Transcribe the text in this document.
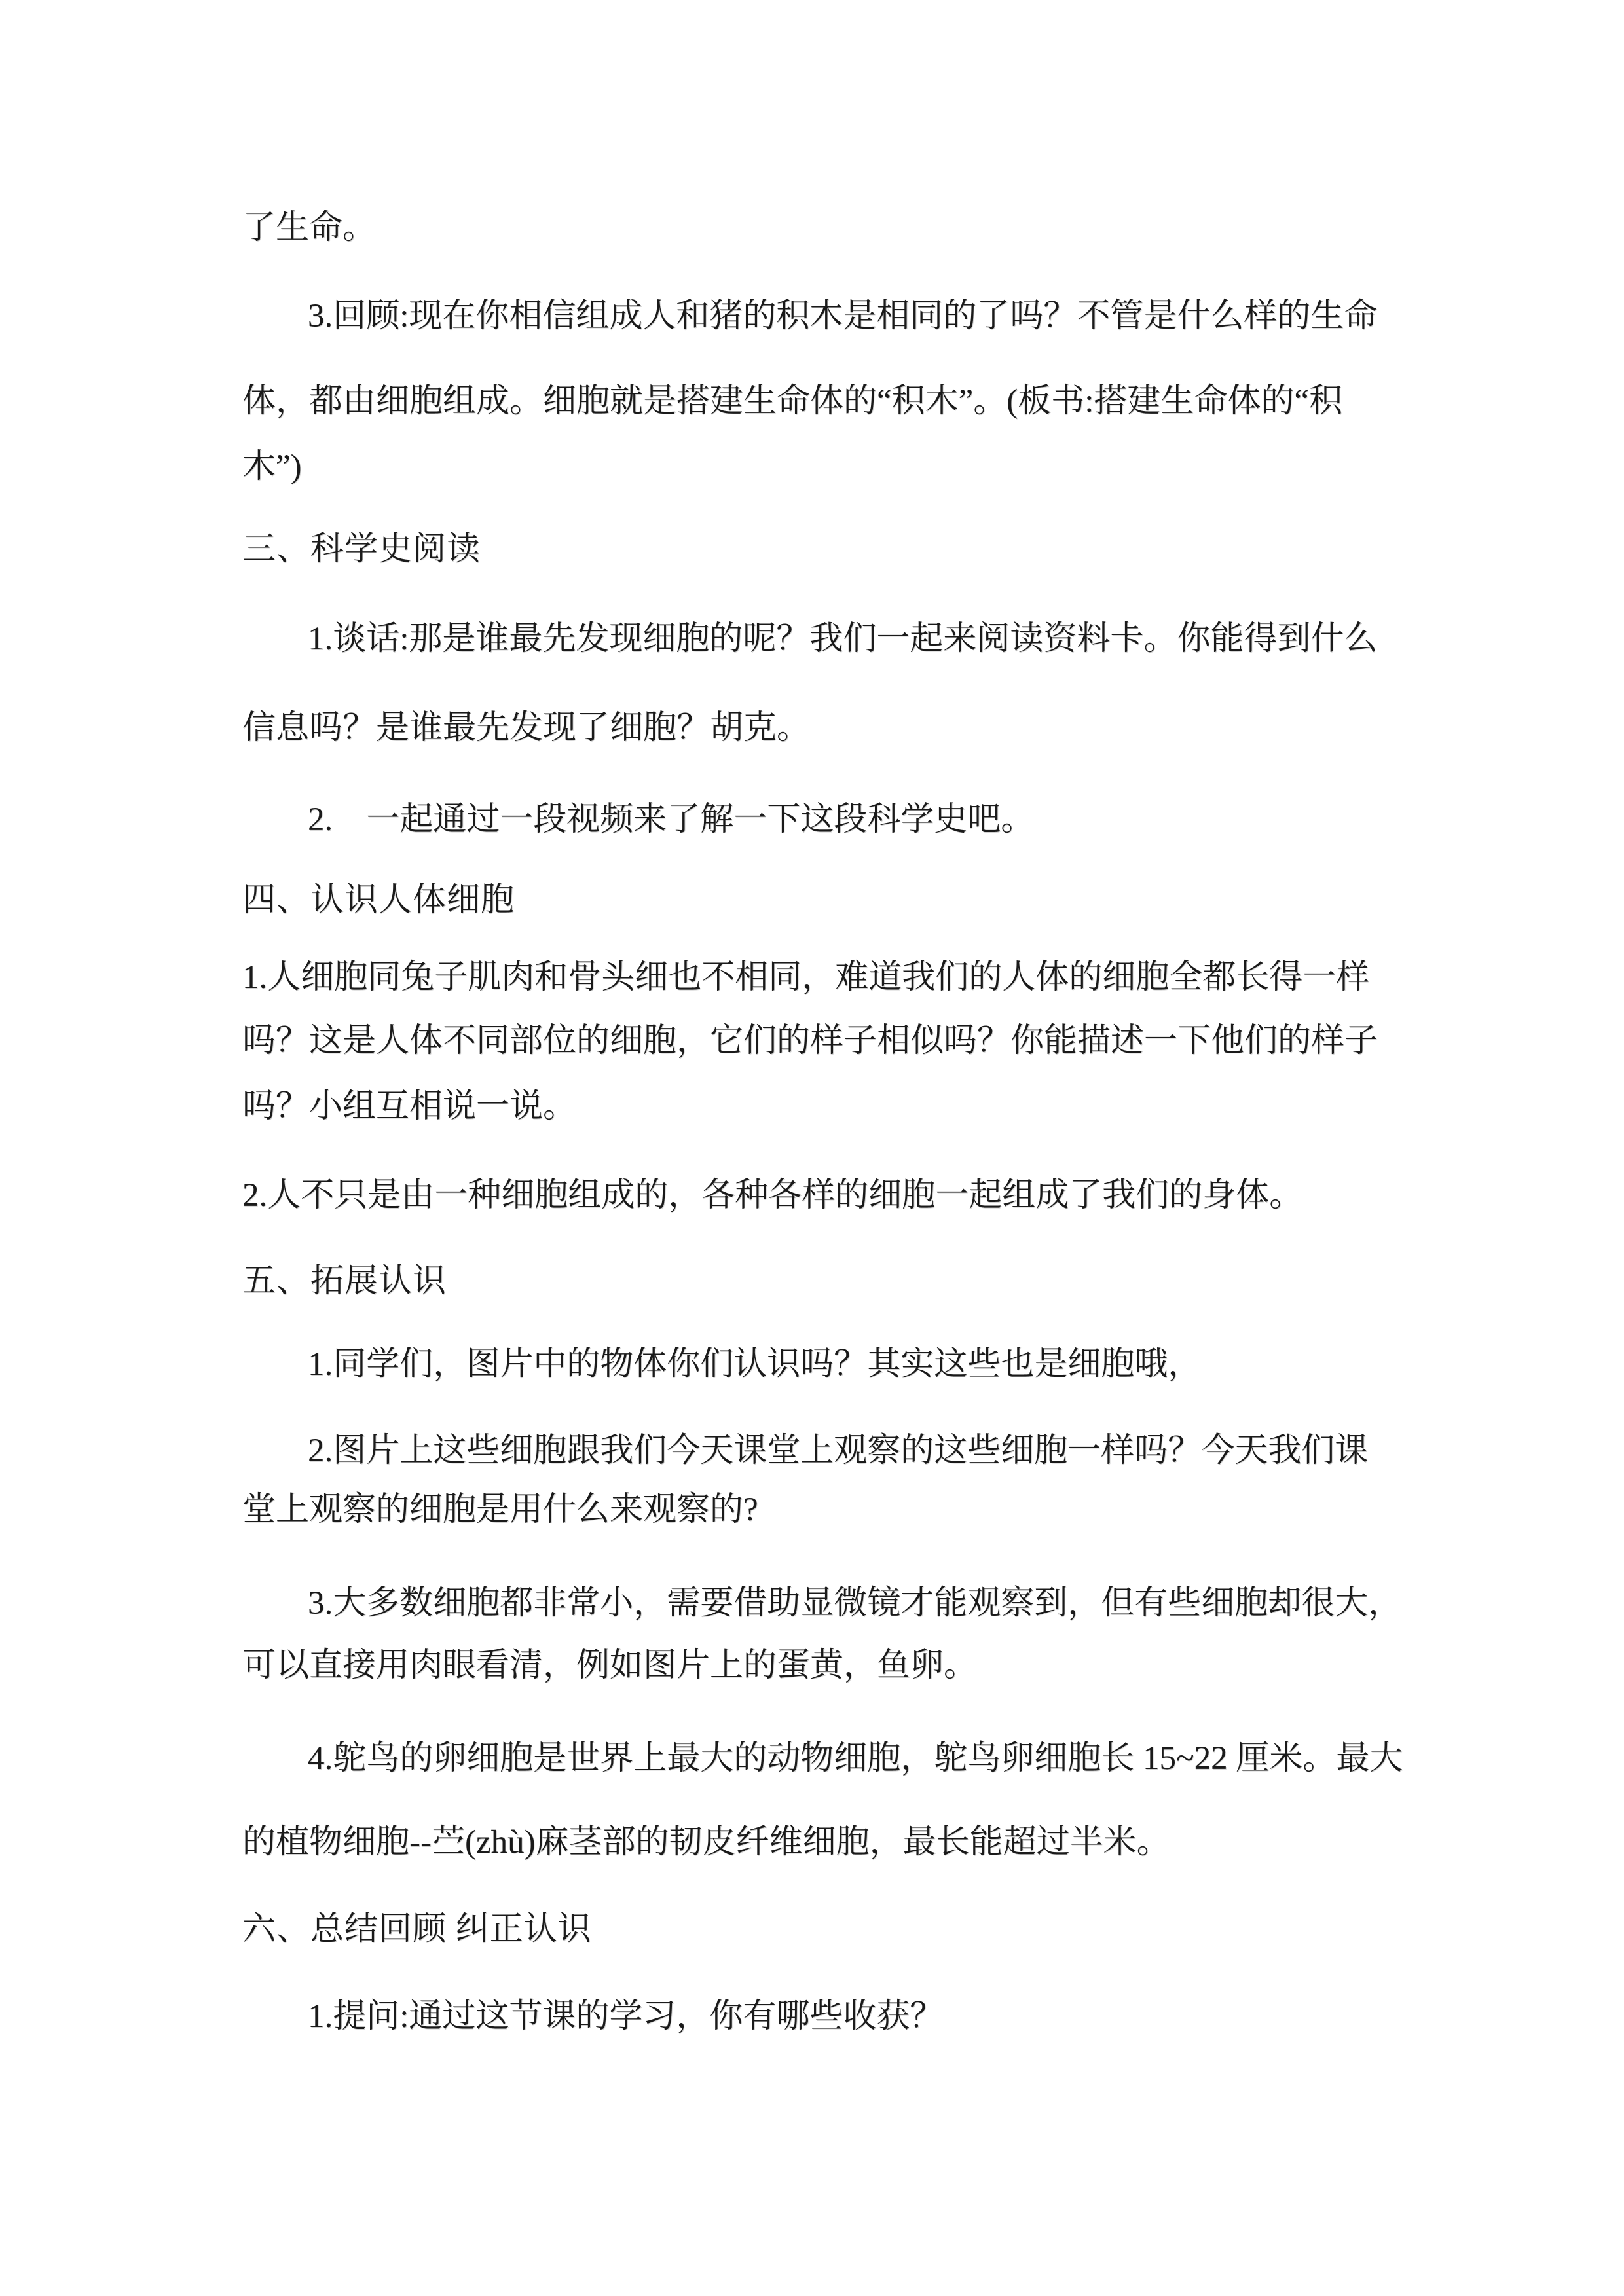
了生命。
3.回顾:现在你相信组成人和猪的积木是相同的了吗？不管是什么样的生命
体，都由细胞组成。细胞就是搭建生命体的“积木”。(板书:搭建生命体的“积
木”)
三、科学史阅读
1.谈话:那是谁最先发现细胞的呢？我们一起来阅读资料卡。你能得到什么
信息吗？是谁最先发现了细胞？胡克。
2.　一起通过一段视频来了解一下这段科学史吧。
四、认识人体细胞
1.人细胞同兔子肌肉和骨头细也不相同，难道我们的人体的细胞全都长得一样
吗？这是人体不同部位的细胞，它们的样子相似吗？你能描述一下他们的样子
吗？小组互相说一说。
2.人不只是由一种细胞组成的，各种各样的细胞一起组成了我们的身体。
五、拓展认识
1.同学们，图片中的物体你们认识吗？其实这些也是细胞哦，
2.图片上这些细胞跟我们今天课堂上观察的这些细胞一样吗？今天我们课
堂上观察的细胞是用什么来观察的?
3.大多数细胞都非常小，需要借助显微镜才能观察到，但有些细胞却很大，
可以直接用肉眼看清，例如图片上的蛋黄，鱼卵。
4.鸵鸟的卵细胞是世界上最大的动物细胞，鸵鸟卵细胞长 15~22 厘米。最大
的植物细胞--苎(zhù)麻茎部的韧皮纤维细胞，最长能超过半米。
六、总结回顾 纠正认识
1.提问:通过这节课的学习，你有哪些收获？
